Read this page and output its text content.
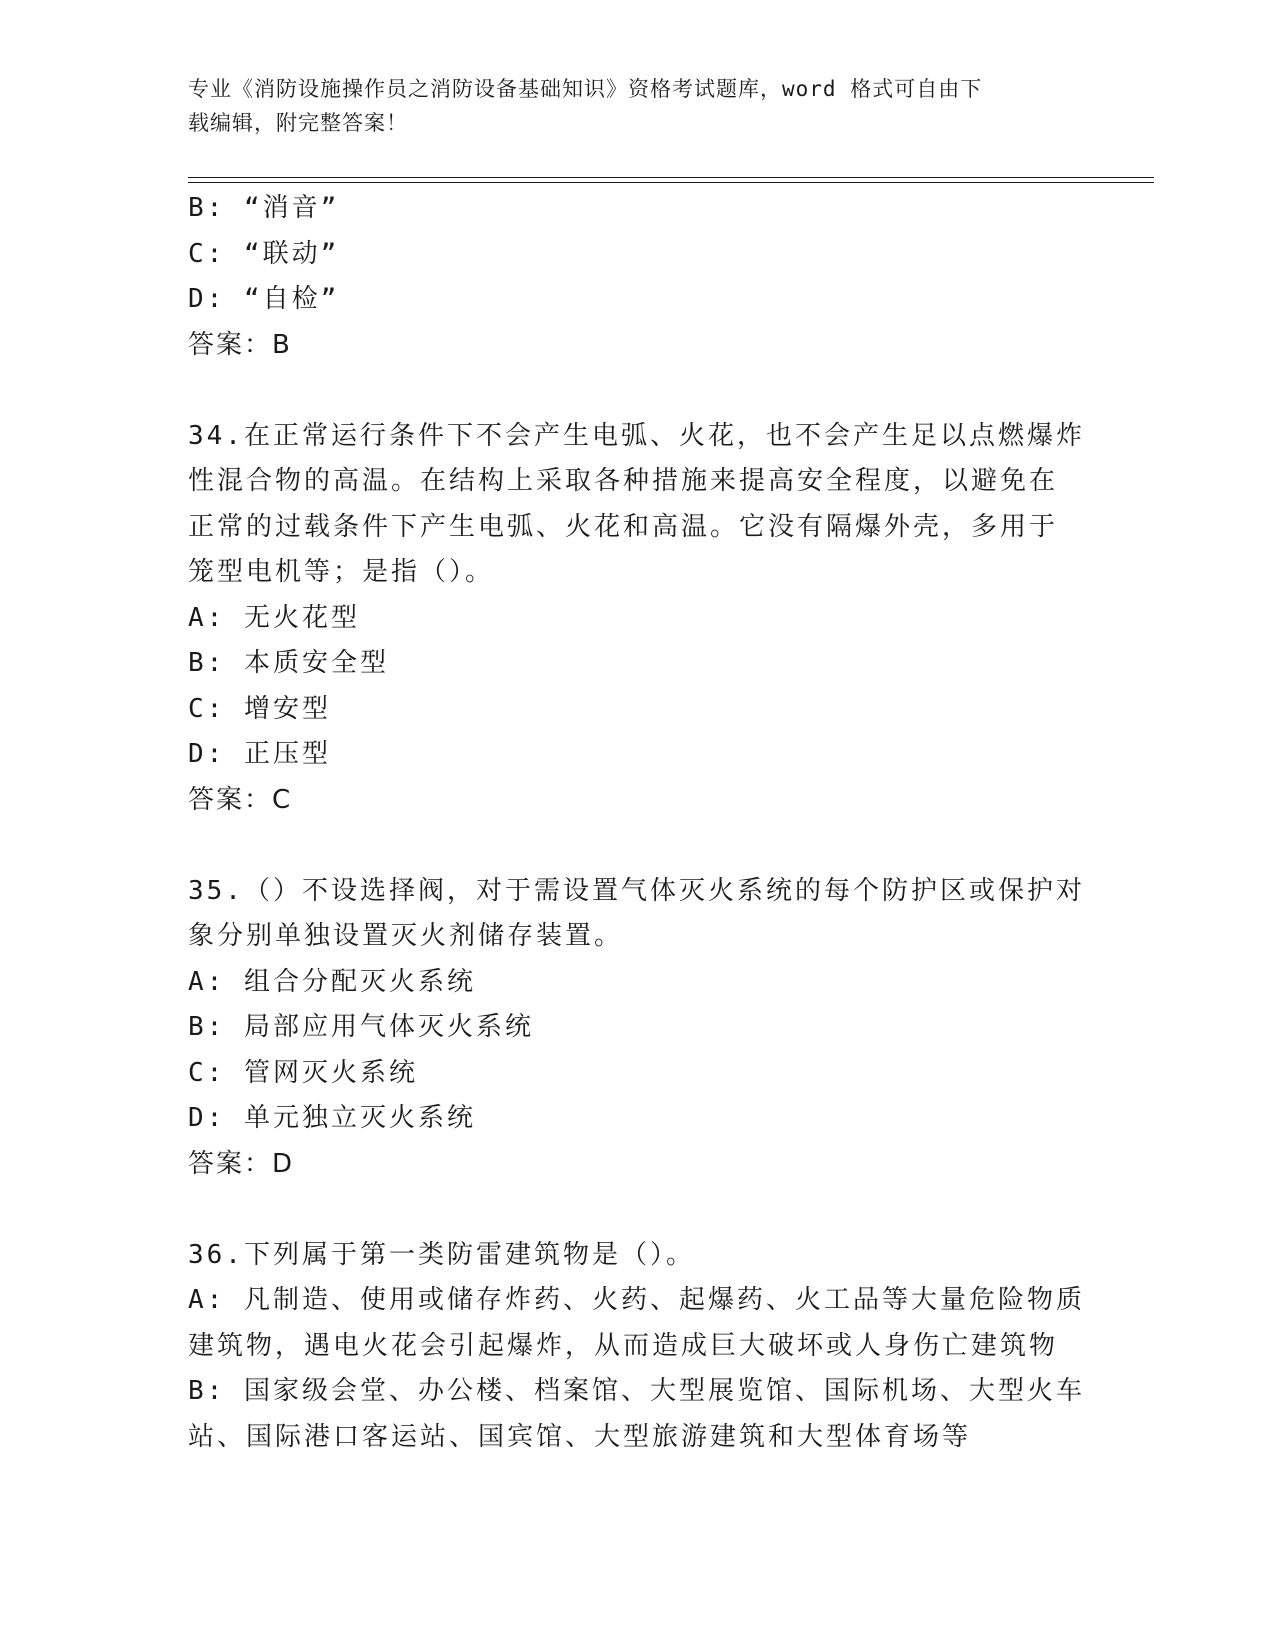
专业《消防设施操作员之消防设备基础知识》资格考试题库，word 格式可自由下
载编辑，附完整答案！
B: “消音”
C: “联动”
D: “自检”
答案：B
34.在正常运行条件下不会产生电弧、火花，也不会产生足以点燃爆炸
性混合物的高温。在结构上采取各种措施来提高安全程度，以避免在
正常的过载条件下产生电弧、火花和高温。它没有隔爆外壳，多用于
笼型电机等；是指（）。
A: 无火花型
B: 本质安全型
C: 增安型
D: 正压型
答案：C
35.（）不设选择阀，对于需设置气体灭火系统的每个防护区或保护对
象分别单独设置灭火剂储存装置。
A: 组合分配灭火系统
B: 局部应用气体灭火系统
C: 管网灭火系统
D: 单元独立灭火系统
答案：D
36.下列属于第一类防雷建筑物是（）。
A: 凡制造、使用或储存炸药、火药、起爆药、火工品等大量危险物质
建筑物，遇电火花会引起爆炸，从而造成巨大破坏或人身伤亡建筑物
B: 国家级会堂、办公楼、档案馆、大型展览馆、国际机场、大型火车
站、国际港口客运站、国宾馆、大型旅游建筑和大型体育场等
